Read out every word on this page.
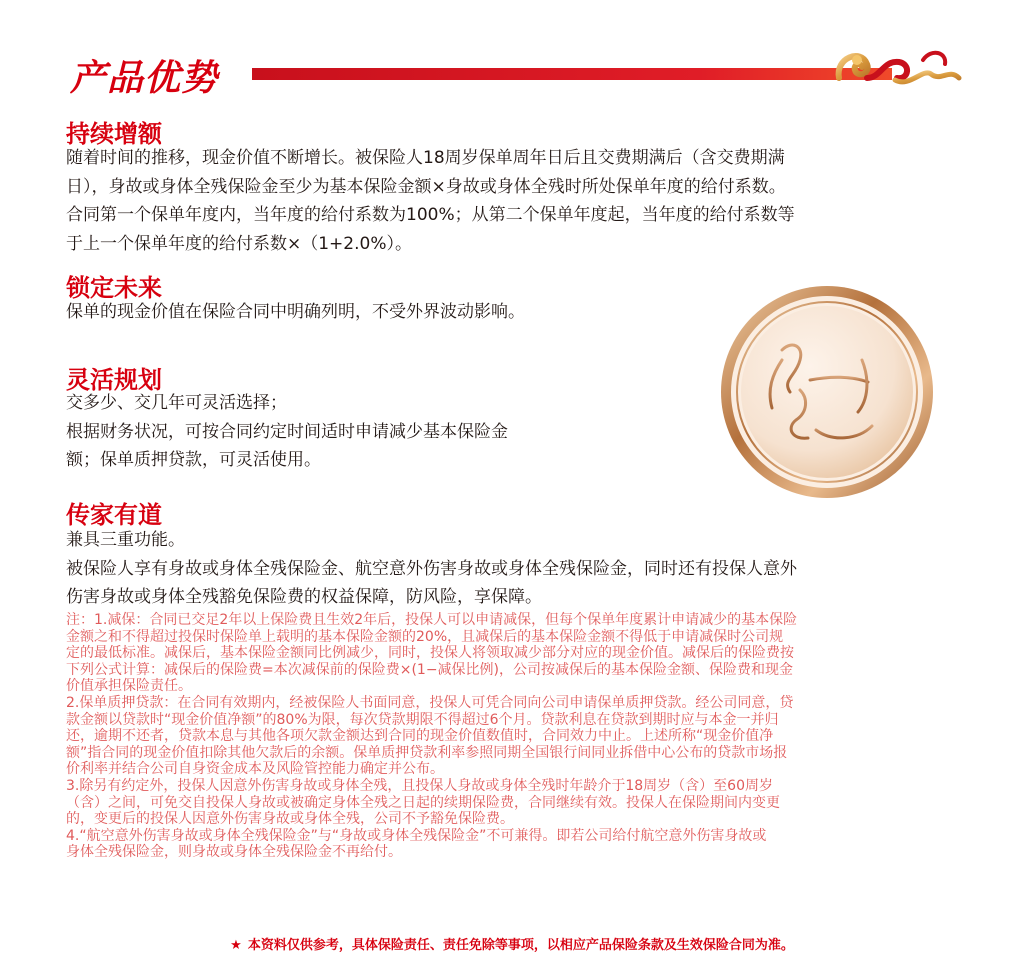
产品优势
持续增额
随着时间的推移，现金价值不断增长。被保险人18周岁保单周年日后且交费期满后（含交费期满
日），身故或身体全残保险金至少为基本保险金额×身故或身体全残时所处保单年度的给付系数。
合同第一个保单年度内，当年度的给付系数为100%；从第二个保单年度起，当年度的给付系数等
于上一个保单年度的给付系数×（1+2.0%）。
锁定未来
保单的现金价值在保险合同中明确列明，不受外界波动影响。
灵活规划
交多少、交几年可灵活选择；
根据财务状况，可按合同约定时间适时申请减少基本保险金
额；保单质押贷款，可灵活使用。
传家有道
兼具三重功能。
被保险人享有身故或身体全残保险金、航空意外伤害身故或身体全残保险金，同时还有投保人意外
伤害身故或身体全残豁免保险费的权益保障，防风险，享保障。
注：1.减保：合同已交足2年以上保险费且生效2年后，投保人可以申请减保，但每个保单年度累计申请减少的基本保险
金额之和不得超过投保时保险单上载明的基本保险金额的20%，且减保后的基本保险金额不得低于申请减保时公司规
定的最低标准。减保后，基本保险金额同比例减少，同时，投保人将领取减少部分对应的现金价值。减保后的保险费按
下列公式计算：减保后的保险费=本次减保前的保险费×(1−减保比例)，公司按减保后的基本保险金额、保险费和现金
价值承担保险责任。
2.保单质押贷款：在合同有效期内，经被保险人书面同意，投保人可凭合同向公司申请保单质押贷款。经公司同意，贷
款金额以贷款时“现金价值净额”的80%为限，每次贷款期限不得超过6个月。贷款利息在贷款到期时应与本金一并归
还，逾期不还者，贷款本息与其他各项欠款金额达到合同的现金价值数值时，合同效力中止。上述所称“现金价值净
额”指合同的现金价值扣除其他欠款后的余额。保单质押贷款利率参照同期全国银行间同业拆借中心公布的贷款市场报
价利率并结合公司自身资金成本及风险管控能力确定并公布。
3.除另有约定外，投保人因意外伤害身故或身体全残，且投保人身故或身体全残时年龄介于18周岁（含）至60周岁
（含）之间，可免交自投保人身故或被确定身体全残之日起的续期保险费，合同继续有效。投保人在保险期间内变更
的，变更后的投保人因意外伤害身故或身体全残，公司不予豁免保险费。
4.“航空意外伤害身故或身体全残保险金”与“身故或身体全残保险金”不可兼得。即若公司给付航空意外伤害身故或
身体全残保险金，则身故或身体全残保险金不再给付。
★ 本资料仅供参考，具体保险责任、责任免除等事项，以相应产品保险条款及生效保险合同为准。
